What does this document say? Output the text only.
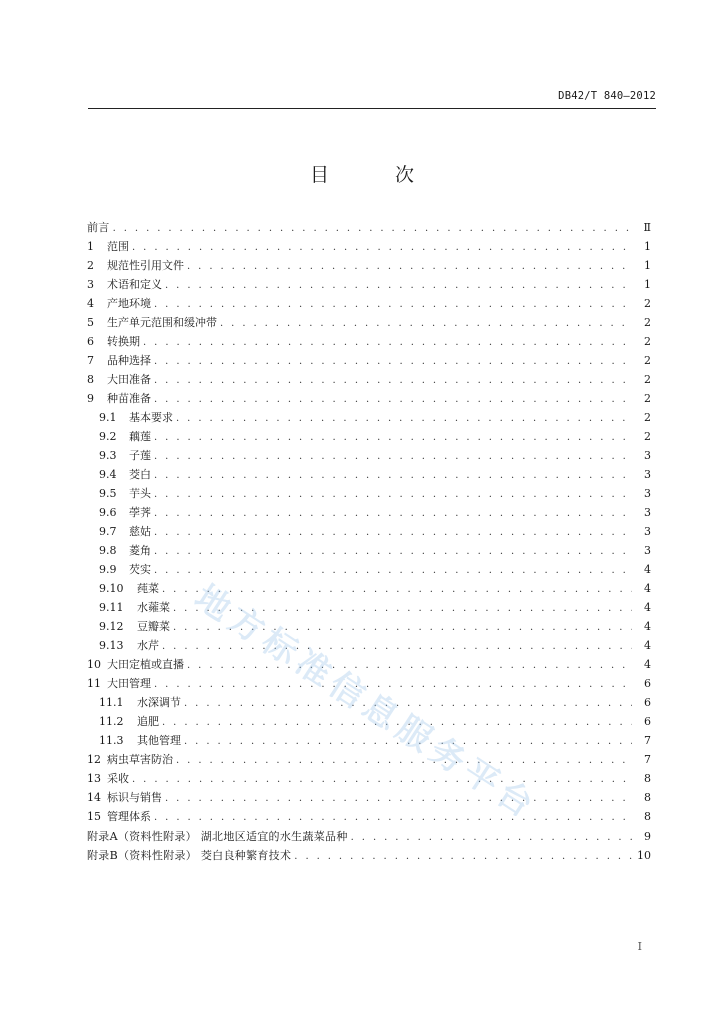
DB42/T 840—2012
目 次
前言 . . .	Ⅱ
1	范围 . . .	1
2	规范性引用文件 . . .	1
3	术语和定义 . . .	1
4	产地环境 . . .	2
5	生产单元范围和缓冲带 . . .	2
6	转换期 . . .	2
7	品种选择 . . .	2
8	大田准备 . . .	2
9	种苗准备 . . .	2
9.1	基本要求 . . .	2
9.2	藕莲 . . .	2
9.3	子莲 . . .	3
9.4	茭白 . . .	3
9.5	芋头 . . .	3
9.6	荸荠 . . .	3
9.7	慈姑 . . .	3
9.8	菱角 . . .	3
9.9	芡实 . . .	4
9.10	莼菜 . . .	4
9.11	水蕹菜 . . .	4
9.12	豆瓣菜 . . .	4
9.13	水芹 . . .	4
10 大田定植或直播 . . .	4
11 大田管理 . . .	6
11.1	水深调节 . . .	6
11.2	追肥 . . .	6
11.3	其他管理 . . .	7
12 病虫草害防治 . . .	7
13 采收 . . .	8
14 标识与销售 . . .	8
15 管理体系 . . .	8
附录A（资料性附录） 湖北地区适宜的水生蔬菜品种 . . .	9
附录B（资料性附录） 茭白良种繁育技术 . . .	10
I
地方标准信息服务平台
